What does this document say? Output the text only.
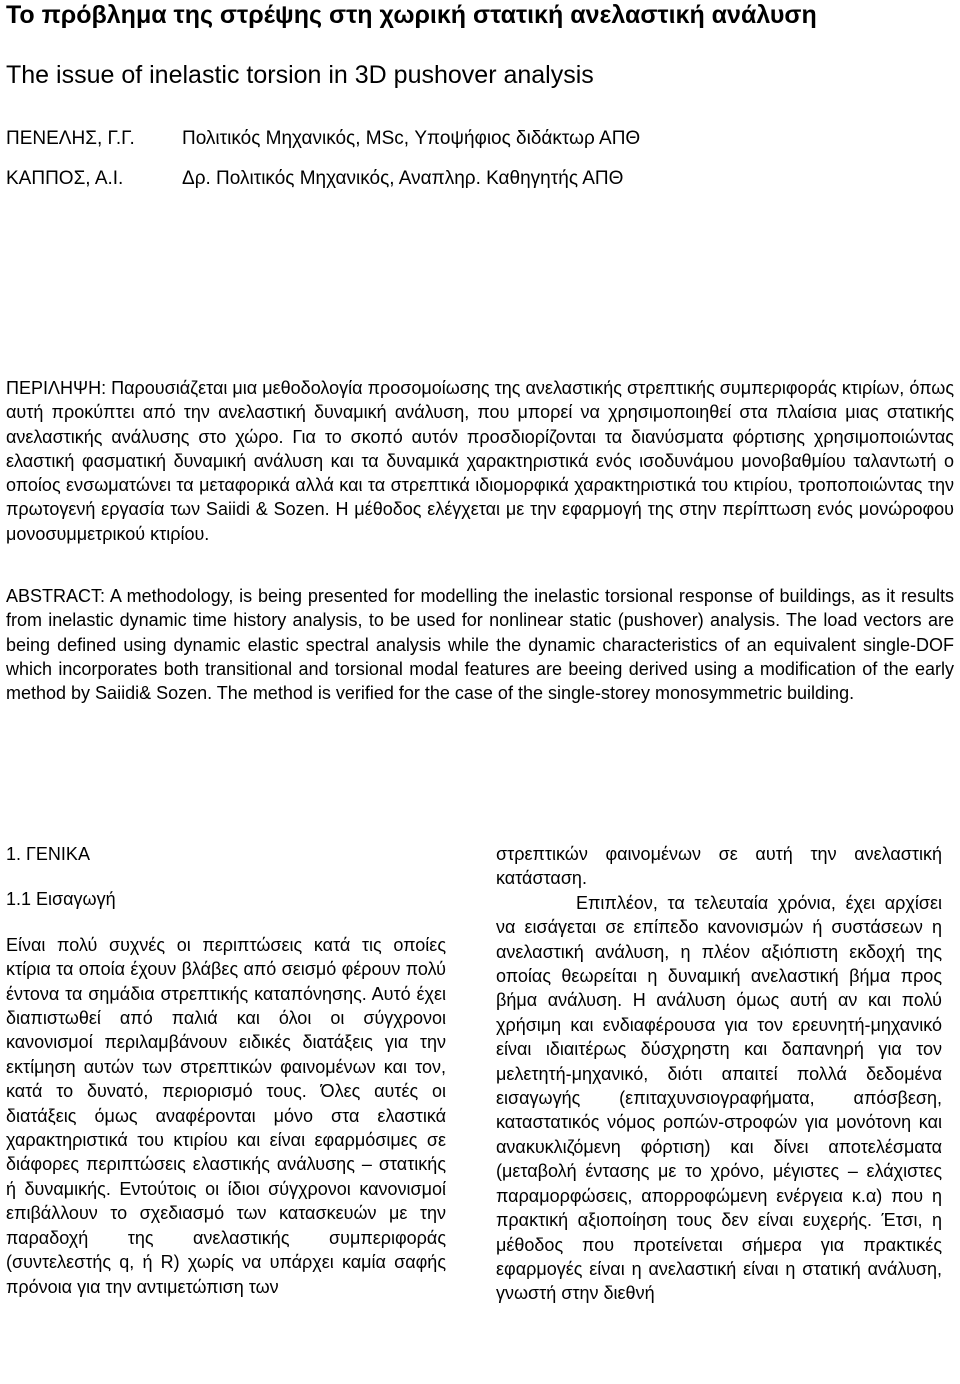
Το πρόβλημα της στρέψης στη χωρική στατική ανελαστική ανάλυση
The issue of inelastic torsion in 3D pushover analysis
ΠΕΝΕΛΗΣ, Γ.Γ. Πολιτικός Μηχανικός, MSc, Υποψήφιος διδάκτωρ ΑΠΘ
ΚΑΠΠΟΣ, Α.Ι.	Δρ. Πολιτικός Μηχανικός, Αναπληρ. Καθηγητής ΑΠΘ
ΠΕΡΙΛΗΨΗ: Παρουσιάζεται μια μεθοδολογία προσομοίωσης της ανελαστικής στρεπτικής συμπεριφοράς κτιρίων, όπως αυτή προκύπτει από την ανελαστική δυναμική ανάλυση, που μπορεί να χρησιμοποιηθεί στα πλαίσια μιας στατικής ανελαστικής ανάλυσης στο χώρο. Για το σκοπό αυτόν προσδιορίζονται τα διανύσματα φόρτισης χρησιμοποιώντας ελαστική φασματική δυναμική ανάλυση και τα δυναμικά χαρακτηριστικά ενός ισοδυνάμου μονοβαθμίου ταλαντωτή ο οποίος ενσωματώνει τα μεταφορικά αλλά και τα στρεπτικά ιδιομορφικά χαρακτηριστικά του κτιρίου, τροποποιώντας την πρωτογενή εργασία των Saiidi & Sozen. Η μέθοδος ελέγχεται με την εφαρμογή της στην περίπτωση ενός μονώροφου μονοσυμμετρικού κτιρίου.
ABSTRACT: A methodology, is being presented for modelling the inelastic torsional response of buildings, as it results from inelastic dynamic time history analysis, to be used for nonlinear static (pushover) analysis. The load vectors are being defined using dynamic elastic spectral analysis while the dynamic characteristics of an equivalent single-DOF which incorporates both transitional and torsional modal features are beeing derived using a modification of the early method by Saiidi& Sozen. The method is verified for the case of the single-storey monosymmetric building.

1. ΓΕΝΙΚΑ

1.1 Εισαγωγή

Είναι πολύ συχνές οι περιπτώσεις κατά τις οποίες κτίρια τα οποία έχουν βλάβες από σεισμό φέρουν πολύ έντονα τα σημάδια στρεπτικής καταπόνησης. Αυτό έχει διαπιστωθεί από παλιά και όλοι οι σύγχρονοι κανονισμοί περιλαμβάνουν ειδικές διατάξεις για την εκτίμηση αυτών των στρεπτικών φαινομένων και τον, κατά το δυνατό, περιορισμό τους. Όλες αυτές οι διατάξεις όμως αναφέρονται μόνο στα ελαστικά χαρακτηριστικά του κτιρίου και είναι εφαρμόσιμες σε διάφορες περιπτώσεις ελαστικής ανάλυσης – στατικής ή δυναμικής. Εντούτοις οι ίδιοι σύγχρονοι κανονισμοί επιβάλλουν το σχεδιασμό των κατασκευών με την παραδοχή της ανελαστικής συμπεριφοράς (συντελεστής q, ή R) χωρίς να υπάρχει καμία σαφής πρόνοια για την αντιμετώπιση των

στρεπτικών φαινομένων σε αυτή την ανελαστική κατάσταση.

Επιπλέον, τα τελευταία χρόνια, έχει αρχίσει να εισάγεται σε επίπεδο κανονισμών ή συστάσεων η ανελαστική ανάλυση, η πλέον αξιόπιστη εκδοχή της οποίας θεωρείται η δυναμική ανελαστική βήμα προς βήμα ανάλυση. Η ανάλυση όμως αυτή αν και πολύ χρήσιμη και ενδιαφέρουσα για τον ερευνητή-μηχανικό είναι ιδιαιτέρως δύσχρηστη και δαπανηρή για τον μελετητή-μηχανικό, διότι απαιτεί πολλά δεδομένα εισαγωγής (επιταχυνσιογραφήματα, απόσβεση, καταστατικός νόμος ροπών-στροφών για μονότονη και ανακυκλιζόμενη φόρτιση) και δίνει αποτελέσματα (μεταβολή έντασης με το χρόνο, μέγιστες – ελάχιστες παραμορφώσεις, απορροφώμενη ενέργεια κ.α) που η πρακτική αξιοποίηση τους δεν είναι ευχερής. Έτσι, η μέθοδος που προτείνεται σήμερα για πρακτικές εφαρμογές είναι η ανελαστική είναι η στατική ανάλυση, γνωστή στην διεθνή
